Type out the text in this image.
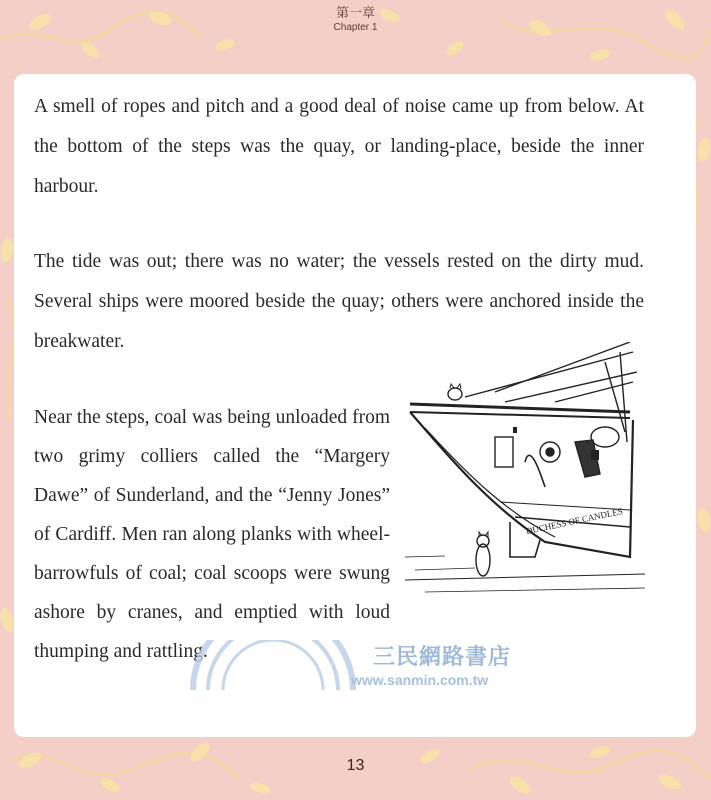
第一章
Chapter 1
A smell of ropes and pitch and a good deal of noise came up from below. At the bottom of the steps was the quay, or landing-place, beside the inner harbour.
The tide was out; there was no water; the vessels rested on the dirty mud. Several ships were moored beside the quay; others were anchored inside the breakwater.
Near the steps, coal was being unloaded from two grimy colliers called the “Margery Dawe” of Sunderland, and the “Jenny Jones” of Cardiff. Men ran along planks with wheel-barrowfuls of coal; coal scoops were swung ashore by cranes, and emptied with loud thumping and rattling.
DUCHESS OF CANDLES
三	民
三民網路書店
www.sanmin.com.tw
13
